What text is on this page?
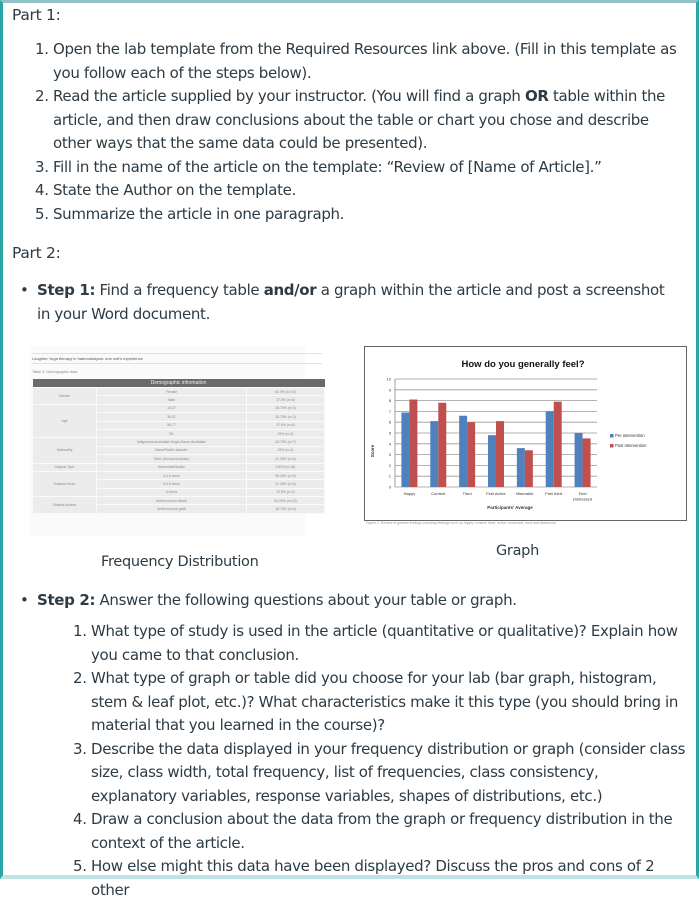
Part 1:
1. Open the lab template from the Required Resources link above. (Fill in this template as you follow each of the steps below).
2. Read the article supplied by your instructor. (You will find a graph OR table within the article, and then draw conclusions about the table or chart you chose and describe other ways that the same data could be presented).
3. Fill in the name of the article on the template: “Review of [Name of Article].”
4. State the Author on the template.
5. Summarize the article in one paragraph.
Part 2:
• Step 1: Find a frequency table and/or a graph within the article and post a screenshot in your Word document.
Laughter Yoga therapy in haemodialysis: one unit's experience
Table 2: Demographic data
Demographic information		
Gender	Female	62.5% (n=10)
	Male	37.5% (n=6)
Age	18-37	18.75% (n=3)
	38-57	18.75% (n=3)
	58-77	37.5% (n=6)
	78+	25% (n=4)
Nationality	Indigenous Australian/ Anglo-Saxon Australian	43.75% (n=7)
	Maori/Pacific Islander	25% (n=4)
	Other (European/Asian)	31.25% (n=5)
Dialysis Type	Haemodiafiltration	100% (n=16)
Dialysis Hours	4-4.5 hours	56.25% (n=9)
	5-5.5 hours	31.25% (n=5)
	6 hours	12.5% (n=2)
Dialysis Access	Arteriovenous fistula	81.25% (n=13)
	Arteriovenous graft	18.75% (n=3)
Frequency Distribution
How do you generally feel?
0
1
2
3
4
5
6
7
8
9
10
Happy	Content	Tired	Feel Active	Miserable	Feel Alert	Feel Distressed
Score
Participants' Average
Pre Intervention
Post Intervention
Figure 2: Review of general feelings including feelings such as happy, content, tired, active, miserable, alert and distressed
Graph
• Step 2: Answer the following questions about your table or graph.
1. What type of study is used in the article (quantitative or qualitative)? Explain how you came to that conclusion.
2. What type of graph or table did you choose for your lab (bar graph, histogram, stem & leaf plot, etc.)? What characteristics make it this type (you should bring in material that you learned in the course)?
3. Describe the data displayed in your frequency distribution or graph (consider class size, class width, total frequency, list of frequencies, class consistency, explanatory variables, response variables, shapes of distributions, etc.)
4. Draw a conclusion about the data from the graph or frequency distribution in the context of the article.
5. How else might this data have been displayed? Discuss the pros and cons of 2 other
